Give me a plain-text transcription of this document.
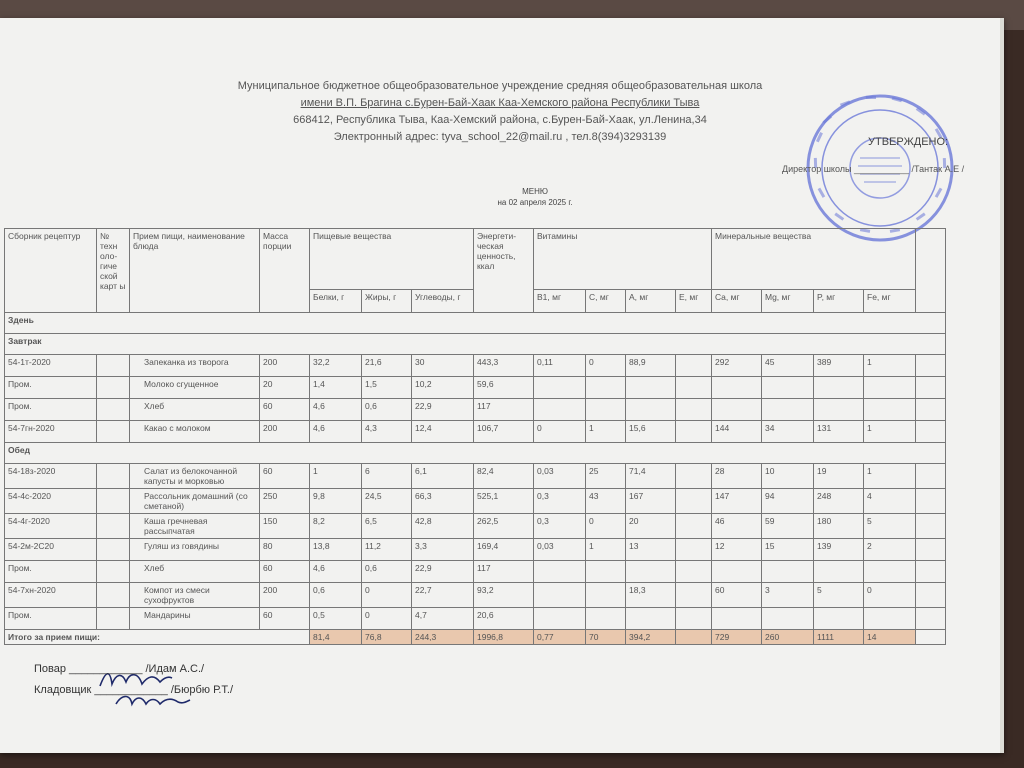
Муниципальное бюджетное общеобразовательное учреждение средняя общеобразовательная школа
имени В.П. Брагина с.Бурен-Бай-Хаак Каа-Хемского района Республики Тыва
668412, Республика Тыва, Каа-Хемский района, с.Бурен-Бай-Хаак, ул.Ленина,34
Электронный адрес: tyva_school_22@mail.ru , тел.8(394)3293139	УТВЕРЖДЕНО:
Директор школы ___________ /Тантак А.Е /
МЕНЮ
на 02 апреля 2025 г.
Сборник рецептур	№ техн оло-гиче ской карт ы	Прием пищи, наименование блюда	Масса порции	Пищевые вещества			Энергети-ческая ценность, ккал	Витамины				Минеральные вещества				
				Белки, г	Жиры, г	Углеводы, г		B1, мг	C, мг	A, мг	E, мг	Ca, мг	Mg, мг	P, мг	Fe, мг	
Здень																
Завтрак																
54-1т-2020		Запеканка из творога	200	32,2	21,6	30	443,3	0,11	0	88,9		292	45	389	1	
Пром.		Молоко сгущенное	20	1,4	1,5	10,2	59,6									
Пром.		Хлеб	60	4,6	0,6	22,9	117									
54-7гн-2020		Какао с молоком	200	4,6	4,3	12,4	106,7	0	1	15,6		144	34	131	1	
Обед																
54-18з-2020		Салат из белокочанной капусты и морковью	60	1	6	6,1	82,4	0,03	25	71,4		28	10	19	1	
54-4с-2020		Рассольник домашний (со сметаной)	250	9,8	24,5	66,3	525,1	0,3	43	167		147	94	248	4	
54-4г-2020		Каша гречневая рассыпчатая	150	8,2	6,5	42,8	262,5	0,3	0	20		46	59	180	5	
54-2м-2С20		Гуляш из говядины	80	13,8	11,2	3,3	169,4	0,03	1	13		12	15	139	2	
Пром.		Хлеб	60	4,6	0,6	22,9	117									
54-7хн-2020		Компот из смеси сухофруктов	200	0,6	0	22,7	93,2			18,3		60	3	5	0	
Пром.		Мандарины	60	0,5	0	4,7	20,6									
Итого за прием пищи:				81,4	76,8	244,3	1996,8	0,77	70	394,2		729	260	1111	14	
Повар ____________ /Идам А.С./
Кладовщик ____________ /Бюрбю Р.Т./
